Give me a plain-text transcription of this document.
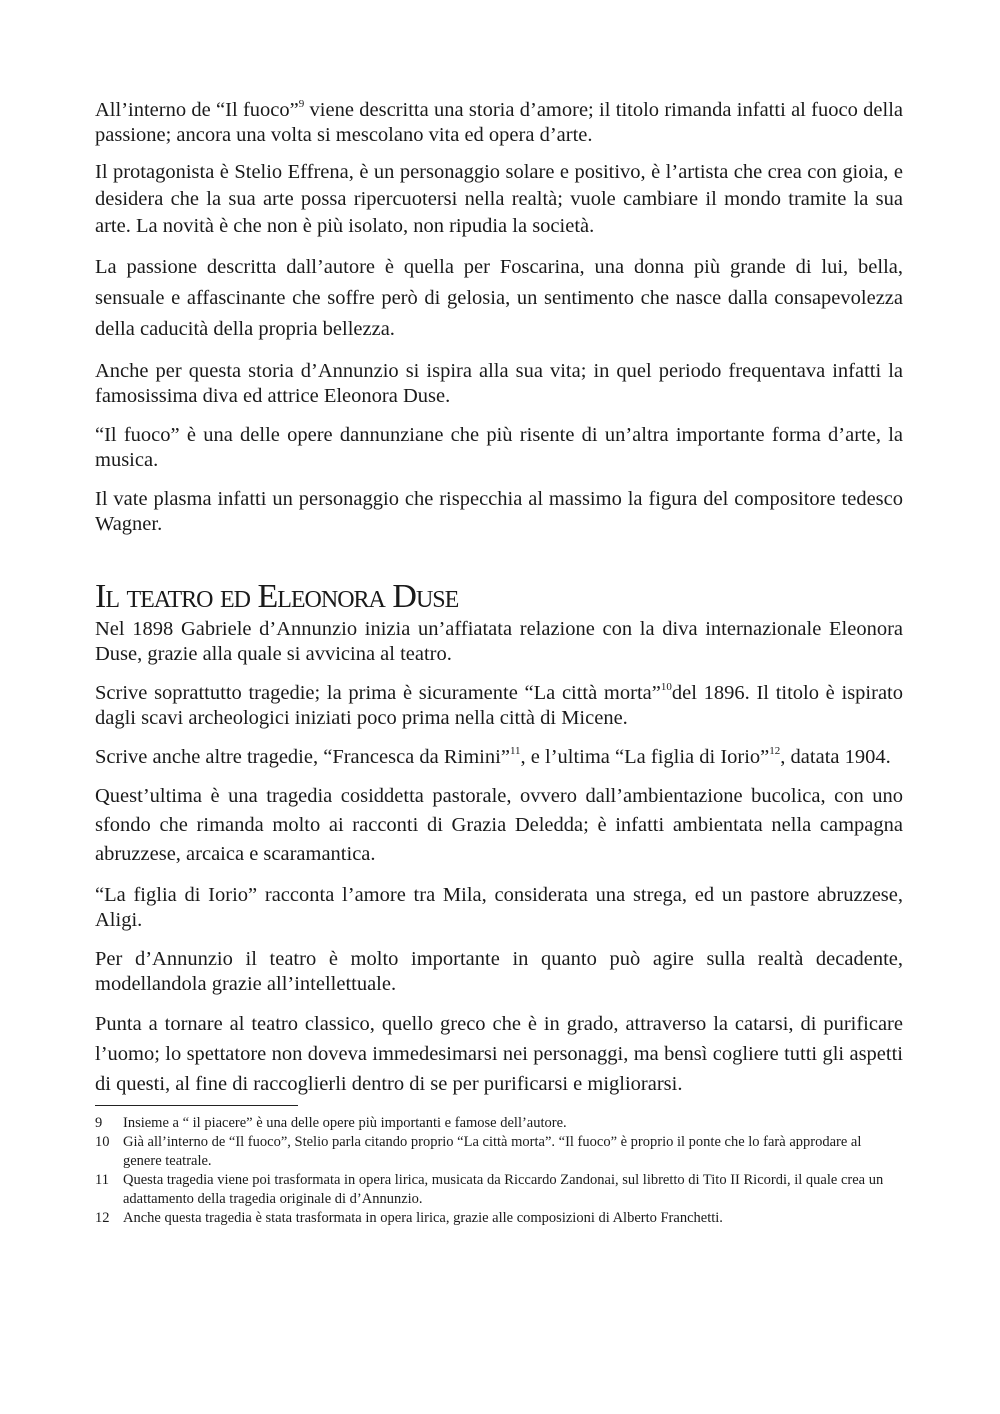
All’interno de “Il fuoco”$^9$ viene descritta una storia d’amore; il titolo rimanda infatti al fuoco della passione; ancora una volta si mescolano vita ed opera d’arte.

Il protagonista è Stelio Effrena, è un personaggio solare e positivo, è l’artista che crea con gioia, e desidera che la sua arte possa ripercuotersi nella realtà; vuole cambiare il mondo tramite la sua arte. La novità è che non è più isolato, non ripudia la società.

La passione descritta dall’autore è quella per Foscarina, una donna più grande di lui, bella, sensuale e affascinante che soffre però di gelosia, un sentimento che nasce dalla consapevolezza della caducità della propria bellezza.

Anche per questa storia d’Annunzio si ispira alla sua vita; in quel periodo frequentava infatti la famosissima diva ed attrice Eleonora Duse.

“Il fuoco” è una delle opere dannunziane che più risente di un’altra importante forma d’arte, la musica.

Il vate plasma infatti un personaggio che rispecchia al massimo la figura del compositore tedesco Wagner.

Il teatro ed Eleonora Duse

Nel 1898 Gabriele d’Annunzio inizia un’affiatata relazione con la diva internazionale Eleonora Duse, grazie alla quale si avvicina al teatro.

Scrive soprattutto tragedie; la prima è sicuramente “La città morta”$^{10}$del 1896. Il titolo è ispirato dagli scavi archeologici iniziati poco prima nella città di Micene.

Scrive anche altre tragedie, “Francesca da Rimini”$^{11}$, e l’ultima “La figlia di Iorio”$^{12}$, datata 1904.

Quest’ultima è una tragedia cosiddetta pastorale, ovvero dall’ambientazione bucolica, con uno sfondo che rimanda molto ai racconti di Grazia Deledda; è infatti ambientata nella campagna abruzzese, arcaica e scaramantica.

“La figlia di Iorio” racconta l’amore tra Mila, considerata una strega, ed un pastore abruzzese, Aligi.

Per d’Annunzio il teatro è molto importante in quanto può agire sulla realtà decadente, modellandola grazie all’intellettuale.

Punta a tornare al teatro classico, quello greco che è in grado, attraverso la catarsi, di purificare l’uomo; lo spettatore non doveva immedesimarsi nei personaggi, ma bensì cogliere tutti gli aspetti di questi, al fine di raccoglierli dentro di se per purificarsi e migliorarsi.

9	Insieme a “ il piacere” è una delle opere più importanti e famose dell’autore.
10 Già all’interno de “Il fuoco”, Stelio parla citando proprio “La città morta”. “Il fuoco” è proprio il ponte che lo farà approdare al genere teatrale.
11 Questa tragedia viene poi trasformata in opera lirica, musicata da Riccardo Zandonai, sul libretto di Tito II Ricordi, il quale crea un adattamento della tragedia originale di d’Annunzio.
12 Anche questa tragedia è stata trasformata in opera lirica, grazie alle composizioni di Alberto Franchetti.
